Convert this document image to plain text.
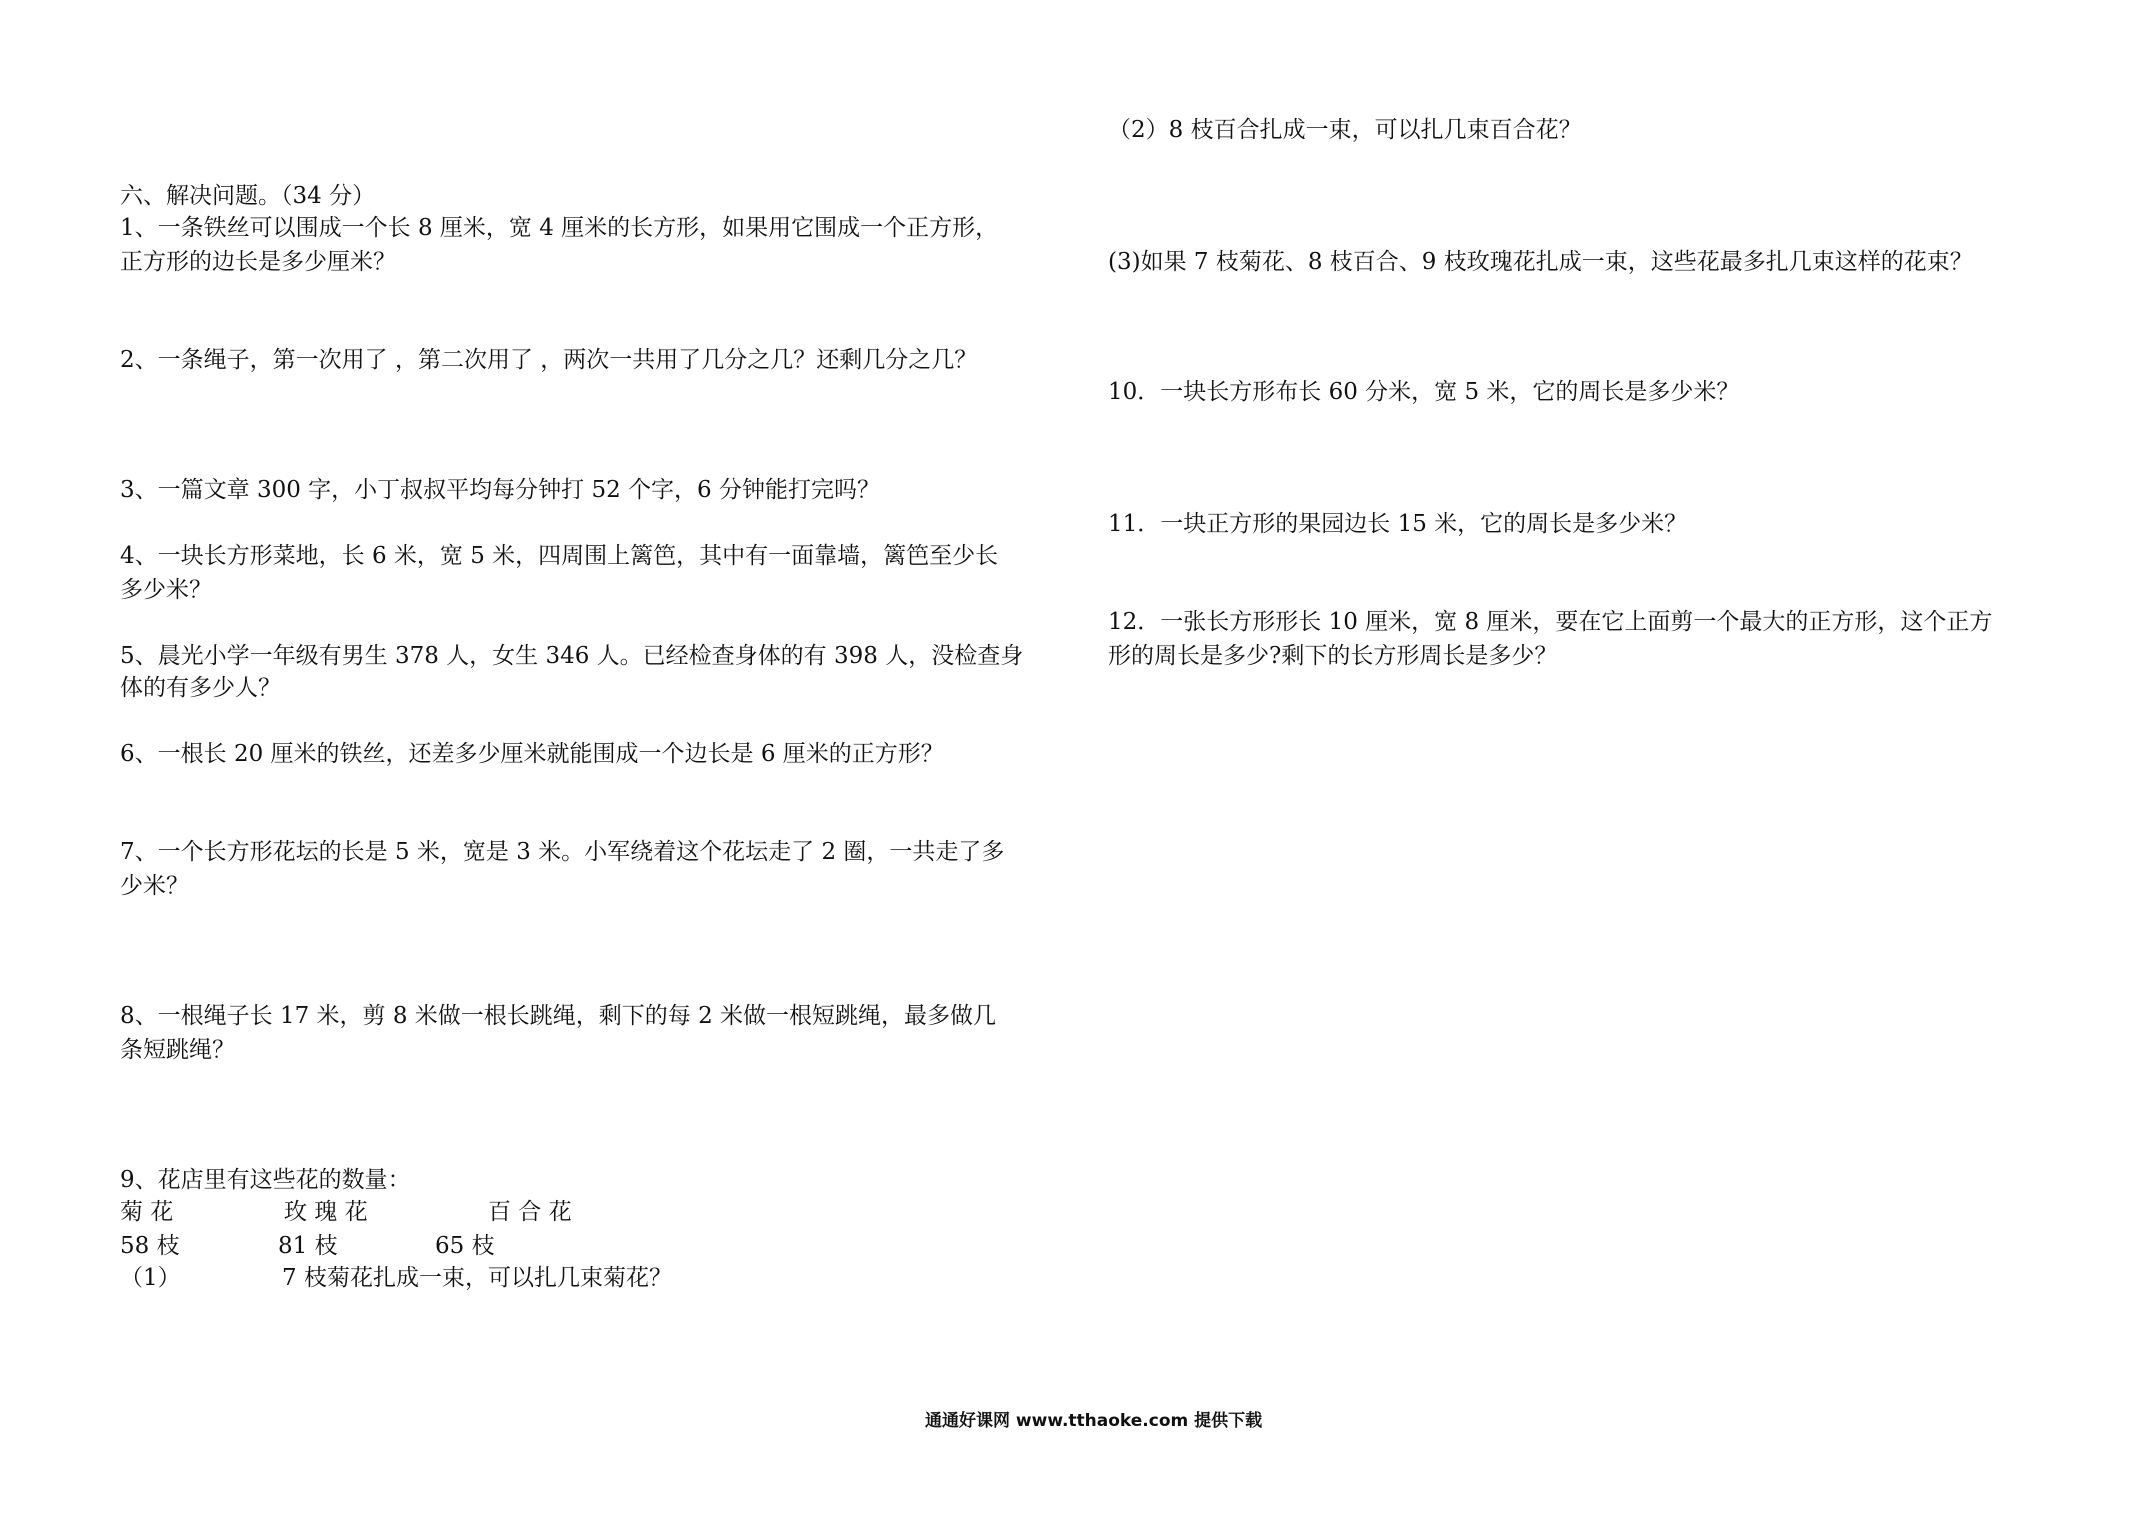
六、解决问题。（34 分）
1、一条铁丝可以围成一个长 8 厘米，宽 4 厘米的长方形，如果用它围成一个正方形，
正方形的边长是多少厘米？
2、一条绳子，第一次用了 ，第二次用了 ，两次一共用了几分之几？还剩几分之几？
3、一篇文章 300 字，小丁叔叔平均每分钟打 52 个字，6 分钟能打完吗？
4、一块长方形菜地，长 6 米，宽 5 米，四周围上篱笆，其中有一面靠墙，篱笆至少长
多少米？
5、晨光小学一年级有男生 378 人，女生 346 人。已经检查身体的有 398 人，没检查身
体的有多少人？
6、一根长 20 厘米的铁丝，还差多少厘米就能围成一个边长是 6 厘米的正方形？
7、一个长方形花坛的长是 5 米，宽是 3 米。小军绕着这个花坛走了 2 圈，一共走了多
少米？
8、一根绳子长 17 米，剪 8 米做一根长跳绳，剩下的每 2 米做一根短跳绳，最多做几
条短跳绳？
9、花店里有这些花的数量：
菊 花	玫 瑰 花	百 合 花
58 枝	81 枝	65 枝
（1）	7 枝菊花扎成一束，可以扎几束菊花？
（2）8 枝百合扎成一束，可以扎几束百合花？
(3)如果 7 枝菊花、8 枝百合、9 枝玫瑰花扎成一束，这些花最多扎几束这样的花束？
10．一块长方形布长 60 分米，宽 5 米，它的周长是多少米？
11．一块正方形的果园边长 15 米，它的周长是多少米？
12．一张长方形形长 10 厘米，宽 8 厘米，要在它上面剪一个最大的正方形，这个正方
形的周长是多少?剩下的长方形周长是多少？
通通好课网 www.tthaoke.com 提供下载
